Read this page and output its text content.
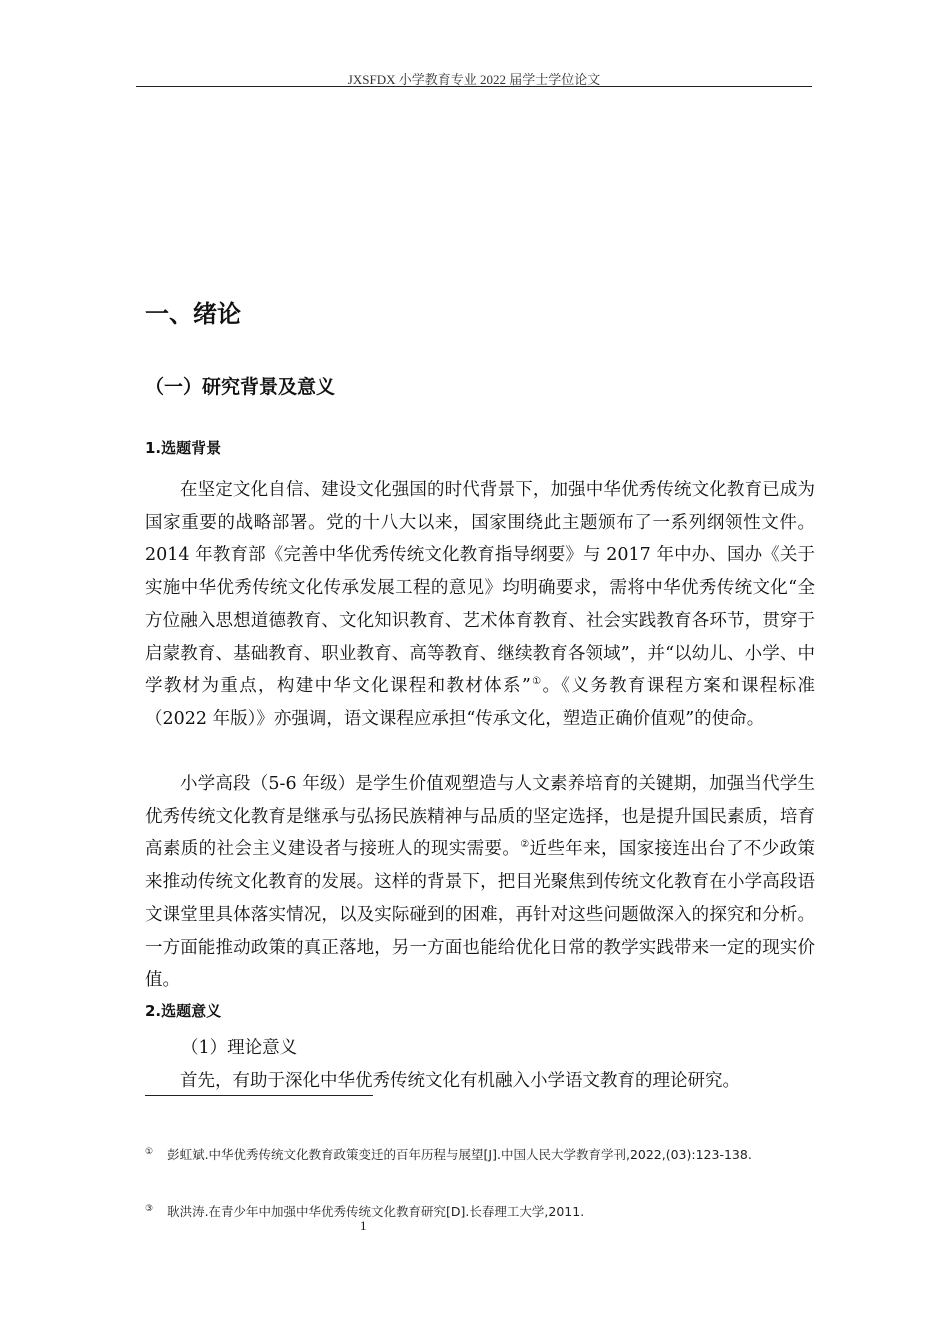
JXSFDX 小学教育专业 2022 届学士学位论文
一、绪论
（一）研究背景及意义
1.选题背景

在坚定文化自信、建设文化强国的时代背景下，加强中华优秀传统文化教育已成为国家重要的战略部署。党的十八大以来，国家围绕此主题颁布了一系列纲领性文件。2014 年教育部《完善中华优秀传统文化教育指导纲要》与 2017 年中办、国办《关于实施中华优秀传统文化传承发展工程的意见》均明确要求，需将中华优秀传统文化“全方位融入思想道德教育、文化知识教育、艺术体育教育、社会实践教育各环节，贯穿于启蒙教育、基础教育、职业教育、高等教育、继续教育各领域”，并“以幼儿、小学、中学教材为重点，构建中华文化课程和教材体系”①。《义务教育课程方案和课程标准（2022 年版）》亦强调，语文课程应承担“传承文化，塑造正确价值观”的使命。

小学高段（5-6 年级）是学生价值观塑造与人文素养培育的关键期，加强当代学生优秀传统文化教育是继承与弘扬民族精神与品质的坚定选择，也是提升国民素质，培育高素质的社会主义建设者与接班人的现实需要。②近些年来，国家接连出台了不少政策来推动传统文化教育的发展。这样的背景下，把目光聚焦到传统文化教育在小学高段语文课堂里具体落实情况，以及实际碰到的困难，再针对这些问题做深入的探究和分析。一方面能推动政策的真正落地，另一方面也能给优化日常的教学实践带来一定的现实价值。

2.选题意义
（1）理论意义

首先，有助于深化中华优秀传统文化有机融入小学语文教育的理论研究。

① 彭虹斌.中华优秀传统文化教育政策变迁的百年历程与展望[J].中国人民大学教育学刊,2022,(03):123-138.
③ 耿洪涛.在青少年中加强中华优秀传统文化教育研究[D].长春理工大学,2011.
1
